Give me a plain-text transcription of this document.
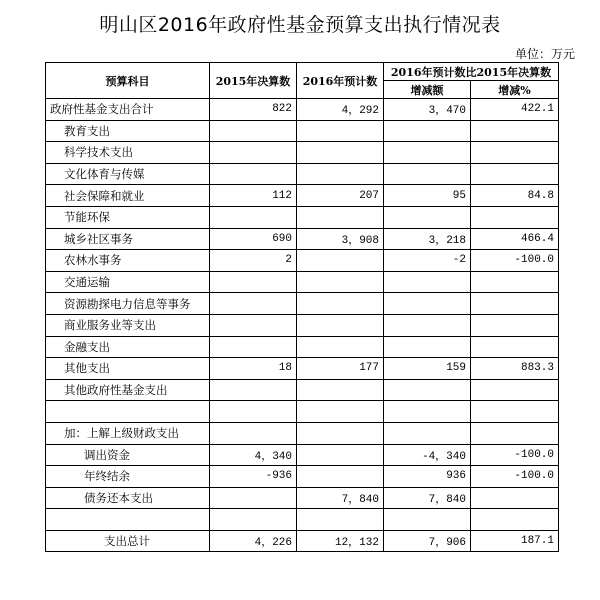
明山区2016年政府性基金预算支出执行情况表
单位：万元
预算科目	2015年决算数	2016年预计数	2016年预计数比2015年决算数	
			增减额	增减%
政府性基金支出合计	822	4，292	3，470	422.1
教育支出				
科学技术支出				
文化体育与传媒				
社会保障和就业	112	207	95	84.8
节能环保				
城乡社区事务	690	3，908	3，218	466.4
农林水事务	2		-2	-100.0
交通运输				
资源勘探电力信息等事务				
商业服务业等支出				
金融支出				
其他支出	18	177	159	883.3
其他政府性基金支出				

加：上解上级财政支出				
调出资金	4，340		-4，340	-100.0
年终结余	-936		936	-100.0
债务还本支出		7，840	7，840	

支出总计	4，226	12，132	7，906	187.1
